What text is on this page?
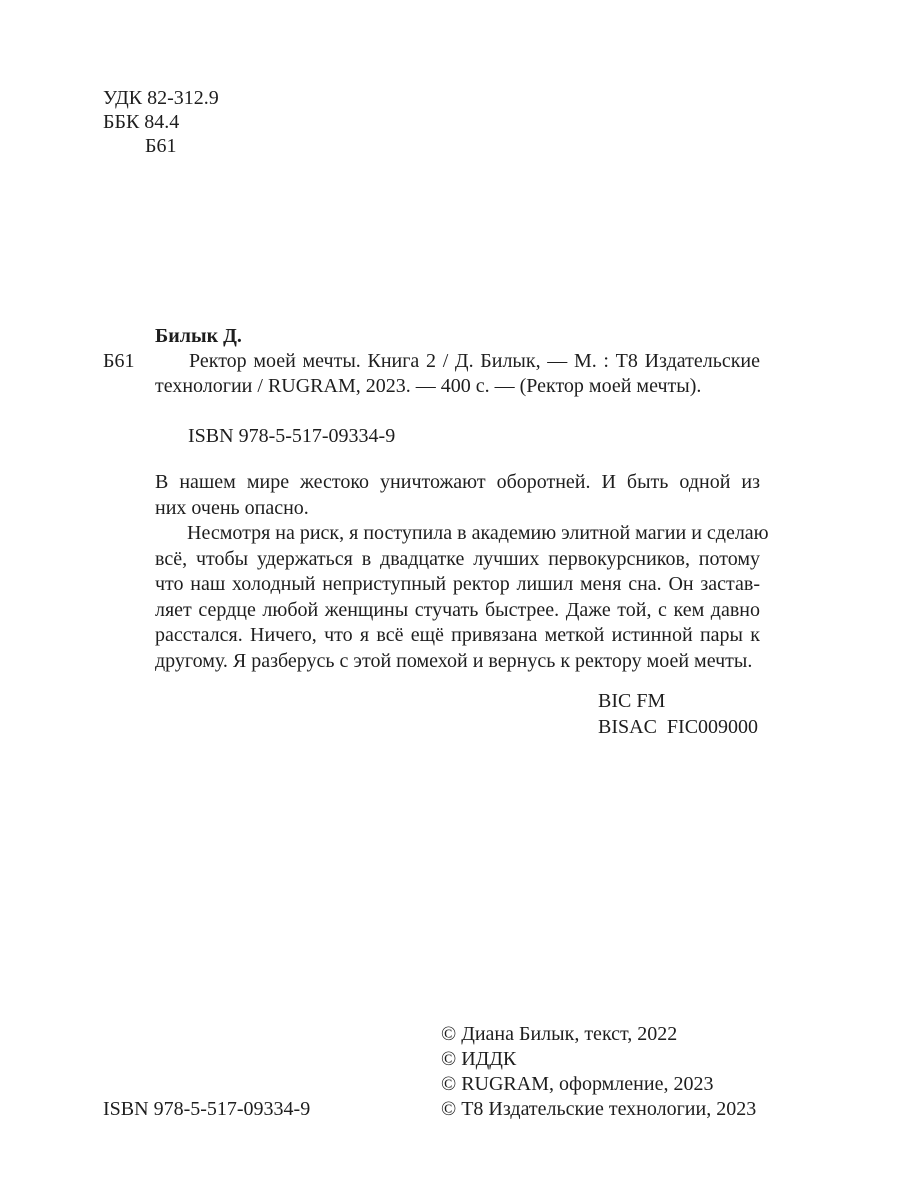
УДК 82-312.9
ББК 84.4
Б61
Билык Д.
Б61	Ректор моей мечты. Книга 2 / Д. Билык, — М. : Т8 Издательские
технологии / RUGRAM, 2023. — 400 с. — (Ректор моей мечты).
ISBN 978-5-517-09334-9
В нашем мире жестоко уничтожают оборотней. И быть одной из
них очень опасно.
Несмотря на риск, я поступила в академию элитной магии и сделаю
всё, чтобы удержаться в двадцатке лучших первокурсников, потому
что наш холодный неприступный ректор лишил меня сна. Он застав-
ляет сердце любой женщины стучать быстрее. Даже той, с кем давно
расстался. Ничего, что я всё ещё привязана меткой истинной пары к
другому. Я разберусь с этой помехой и вернусь к ректору моей мечты.
BIC FM
BISAC  FIC009000
ISBN 978-5-517-09334-9
© Диана Билык, текст, 2022
© ИДДК
© RUGRAM, оформление, 2023
© Т8 Издательские технологии, 2023
